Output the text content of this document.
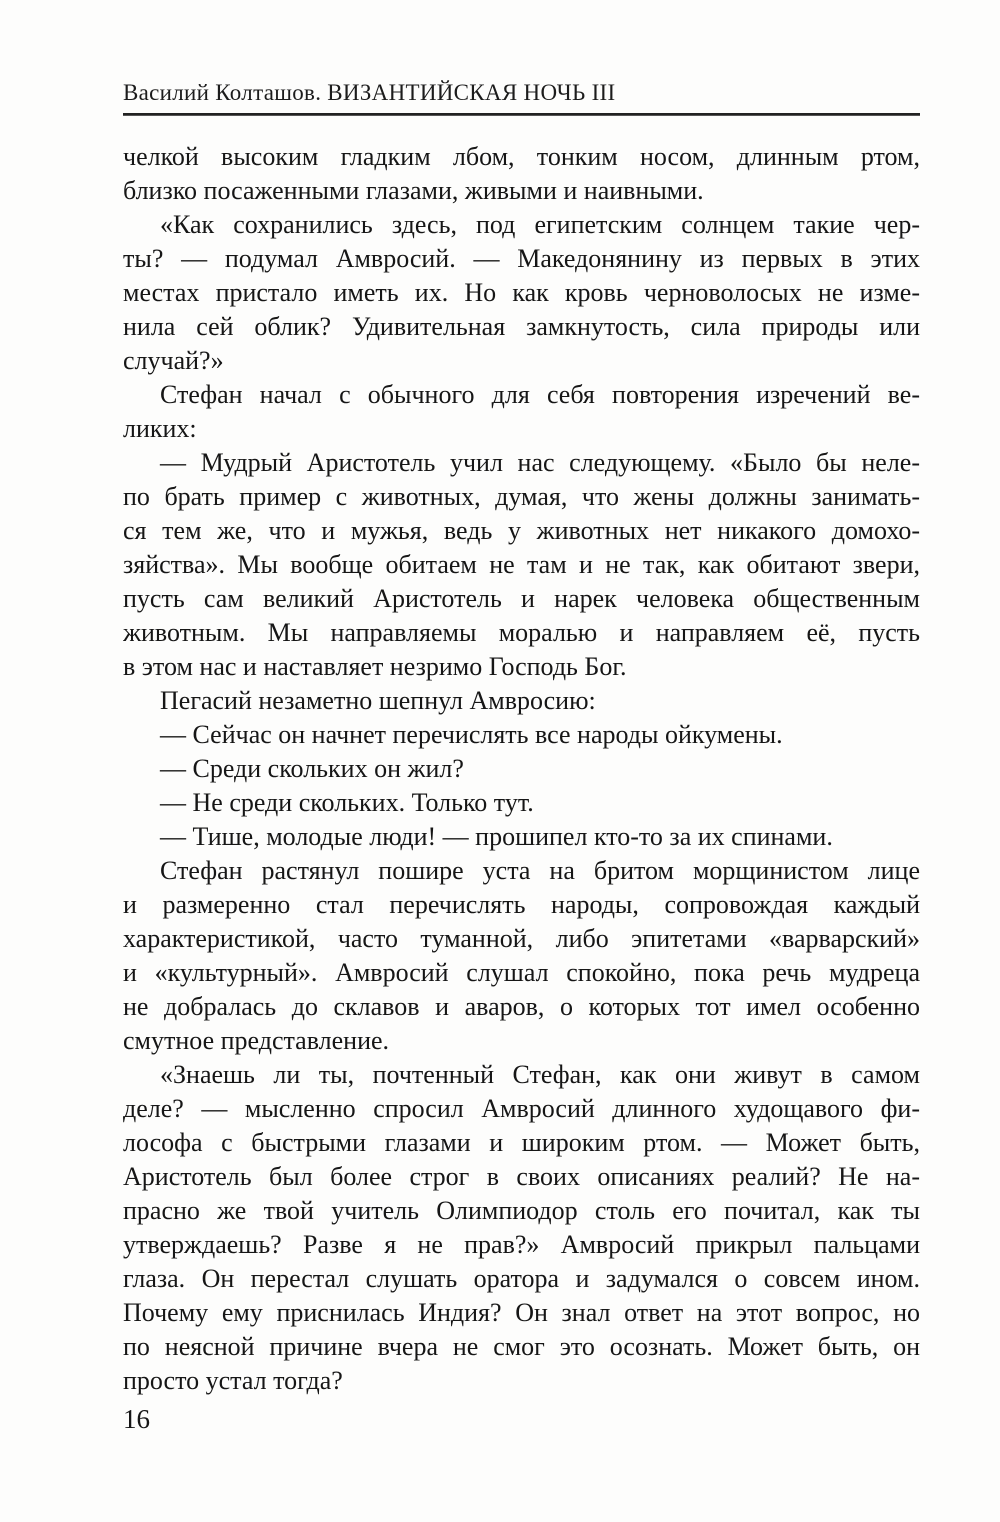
Василий Колташов. ВИЗАНТИЙСКАЯ НОЧЬ III
челкой высоким гладким лбом, тонким носом, длинным ртом,
близко посаженными глазами, живыми и наивными.
«Как сохранились здесь, под египетским солнцем такие чер-
ты? — подумал Амвросий. — Македонянину из первых в этих
местах пристало иметь их. Но как кровь черноволосых не изме-
нила сей облик? Удивительная замкнутость, сила природы или
случай?»
Стефан начал с обычного для себя повторения изречений ве-
ликих:
— Мудрый Аристотель учил нас следующему. «Было бы неле-
по брать пример с животных, думая, что жены должны занимать-
ся тем же, что и мужья, ведь у животных нет никакого домохо-
зяйства». Мы вообще обитаем не там и не так, как обитают звери,
пусть сам великий Аристотель и нарек человека общественным
животным. Мы направляемы моралью и направляем её, пусть
в этом нас и наставляет незримо Господь Бог.
Пегасий незаметно шепнул Амвросию:
— Сейчас он начнет перечислять все народы ойкумены.
— Среди скольких он жил?
— Не среди скольких. Только тут.
— Тише, молодые люди! — прошипел кто-то за их спинами.
Стефан растянул пошире уста на бритом морщинистом лице
и размеренно стал перечислять народы, сопровождая каждый
характеристикой, часто туманной, либо эпитетами «варварский»
и «культурный». Амвросий слушал спокойно, пока речь мудреца
не добралась до склавов и аваров, о которых тот имел особенно
смутное представление.
«Знаешь ли ты, почтенный Стефан, как они живут в самом
деле? — мысленно спросил Амвросий длинного худощавого фи-
лософа с быстрыми глазами и широким ртом. — Может быть,
Аристотель был более строг в своих описаниях реалий? Не на-
прасно же твой учитель Олимпиодор столь его почитал, как ты
утверждаешь? Разве я не прав?» Амвросий прикрыл пальцами
глаза. Он перестал слушать оратора и задумался о совсем ином.
Почему ему приснилась Индия? Он знал ответ на этот вопрос, но
по неясной причине вчера не смог это осознать. Может быть, он
просто устал тогда?
16
